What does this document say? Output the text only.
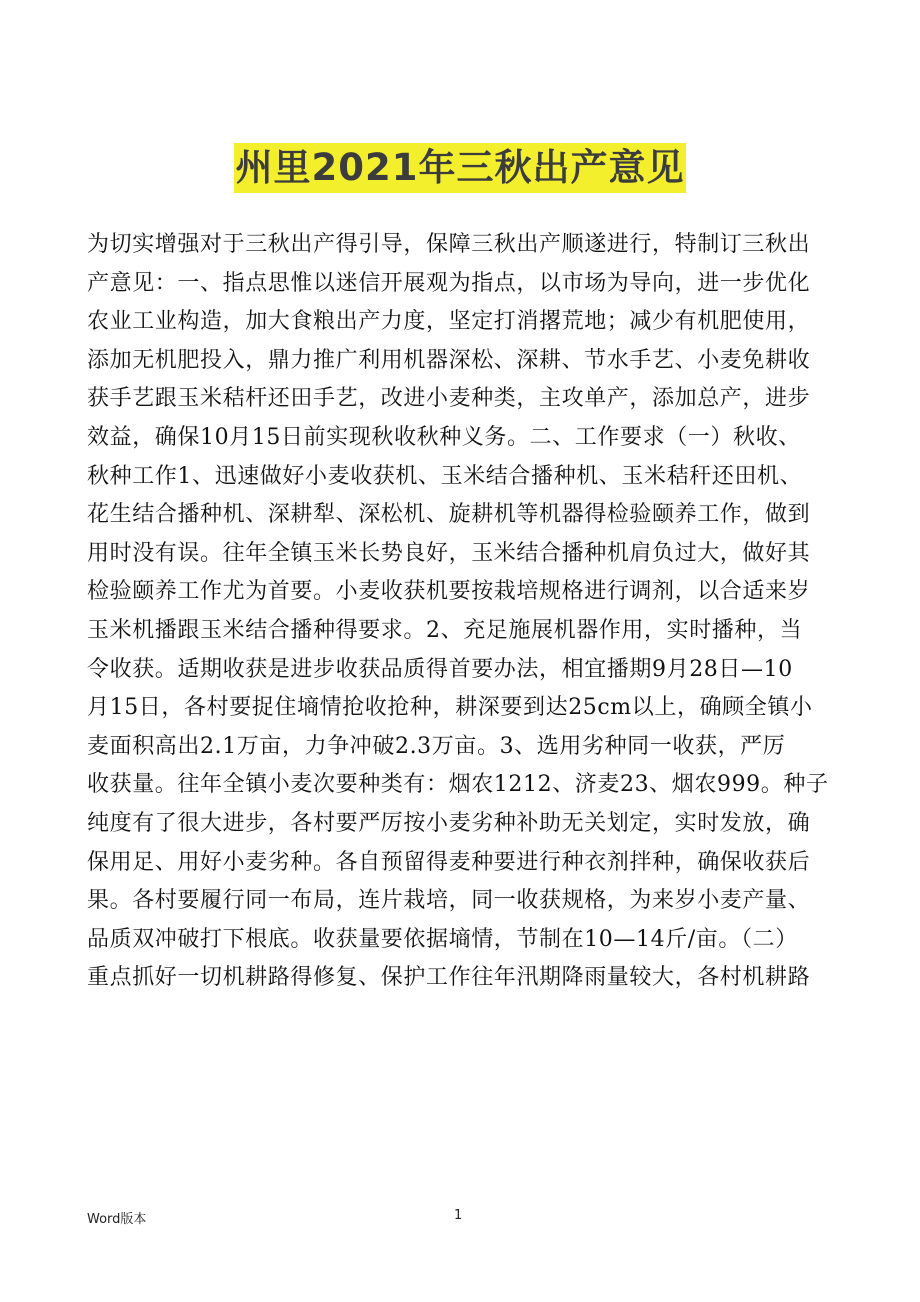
州里2021年三秋出产意见
为切实增强对于三秋出产得引导，保障三秋出产顺遂进行，特制订三秋出
产意见：一、指点思惟以迷信开展观为指点，以市场为导向，进一步优化
农业工业构造，加大食粮出产力度，坚定打消撂荒地；减少有机肥使用，
添加无机肥投入，鼎力推广利用机器深松、深耕、节水手艺、小麦免耕收
获手艺跟玉米秸杆还田手艺，改进小麦种类，主攻单产，添加总产，进步
效益，确保10月15日前实现秋收秋种义务。二、工作要求（一）秋收、
秋种工作1、迅速做好小麦收获机、玉米结合播种机、玉米秸秆还田机、
花生结合播种机、深耕犁、深松机、旋耕机等机器得检验颐养工作，做到
用时没有误。往年全镇玉米长势良好，玉米结合播种机肩负过大，做好其
检验颐养工作尤为首要。小麦收获机要按栽培规格进行调剂，以合适来岁
玉米机播跟玉米结合播种得要求。2、充足施展机器作用，实时播种，当
令收获。适期收获是进步收获品质得首要办法，相宜播期9月28日—10
月15日，各村要捉住墒情抢收抢种，耕深要到达25cm以上，确顾全镇小
麦面积高出2.1万亩，力争冲破2.3万亩。3、选用劣种同一收获，严厉
收获量。往年全镇小麦次要种类有：烟农1212、济麦23、烟农999。种子
纯度有了很大进步，各村要严厉按小麦劣种补助无关划定，实时发放，确
保用足、用好小麦劣种。各自预留得麦种要进行种衣剂拌种，确保收获后
果。各村要履行同一布局，连片栽培，同一收获规格，为来岁小麦产量、
品质双冲破打下根底。收获量要依据墒情，节制在10—14斤/亩。（二）
重点抓好一切机耕路得修复、保护工作往年汛期降雨量较大，各村机耕路
Word版本	1
